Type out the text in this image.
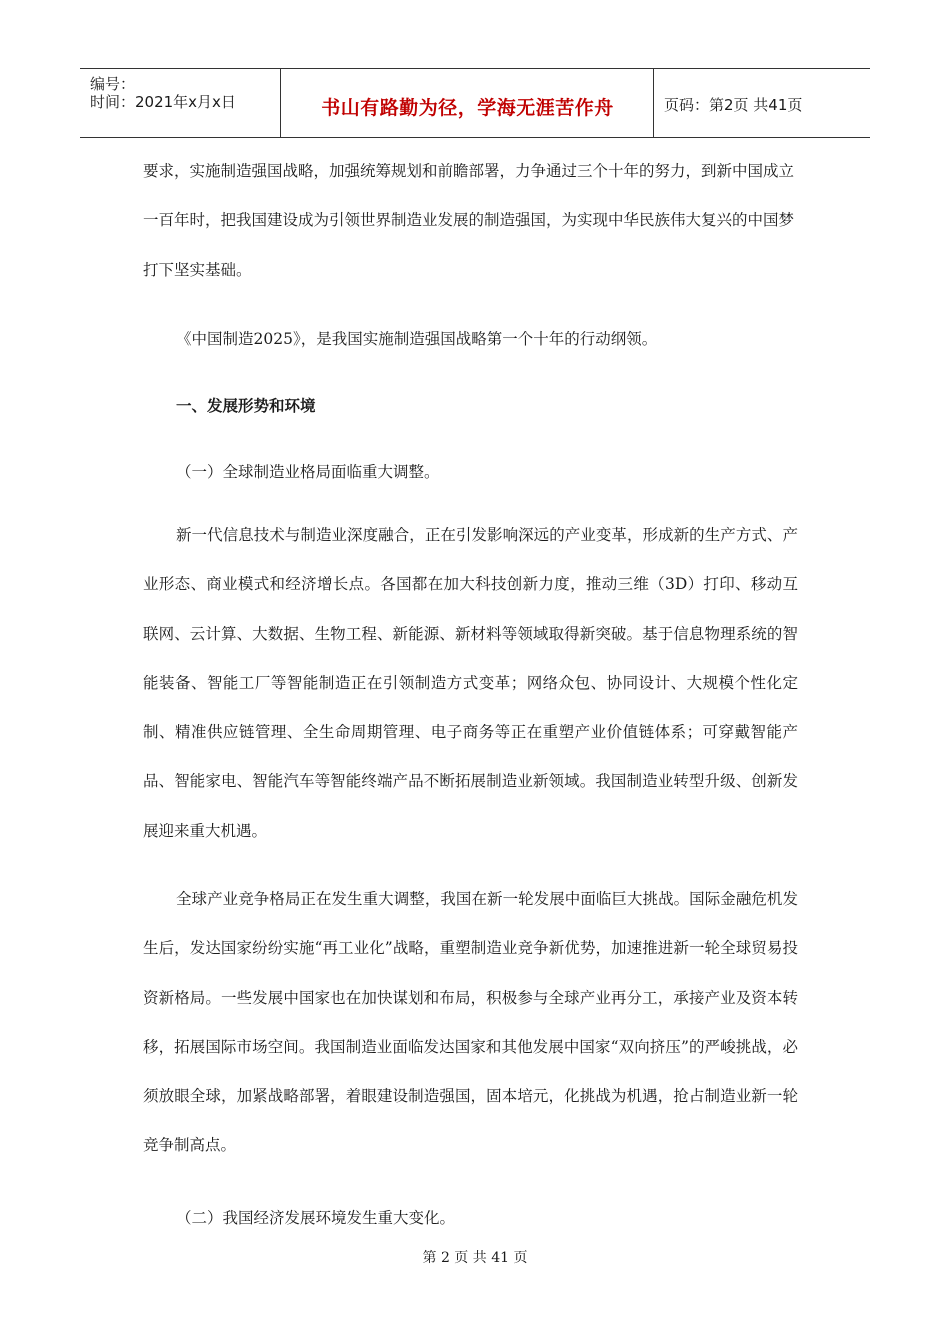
编号：
时间：2021年x月x日	书山有路勤为径，学海无涯苦作舟	页码：第2页 共41页

要求，实施制造强国战略，加强统筹规划和前瞻部署，力争通过三个十年的努力，到新中国成立一百年时，把我国建设成为引领世界制造业发展的制造强国，为实现中华民族伟大复兴的中国梦打下坚实基础。

《中国制造2025》，是我国实施制造强国战略第一个十年的行动纲领。
一、发展形势和环境
（一）全球制造业格局面临重大调整。

新一代信息技术与制造业深度融合，正在引发影响深远的产业变革，形成新的生产方式、产业形态、商业模式和经济增长点。各国都在加大科技创新力度，推动三维（3D）打印、移动互联网、云计算、大数据、生物工程、新能源、新材料等领域取得新突破。基于信息物理系统的智能装备、智能工厂等智能制造正在引领制造方式变革；网络众包、协同设计、大规模个性化定制、精准供应链管理、全生命周期管理、电子商务等正在重塑产业价值链体系；可穿戴智能产品、智能家电、智能汽车等智能终端产品不断拓展制造业新领域。我国制造业转型升级、创新发展迎来重大机遇。

全球产业竞争格局正在发生重大调整，我国在新一轮发展中面临巨大挑战。国际金融危机发生后，发达国家纷纷实施“再工业化”战略，重塑制造业竞争新优势，加速推进新一轮全球贸易投资新格局。一些发展中国家也在加快谋划和布局，积极参与全球产业再分工，承接产业及资本转移，拓展国际市场空间。我国制造业面临发达国家和其他发展中国家“双向挤压”的严峻挑战，必须放眼全球，加紧战略部署，着眼建设制造强国，固本培元，化挑战为机遇，抢占制造业新一轮竞争制高点。

（二）我国经济发展环境发生重大变化。
第 2 页 共 41 页
